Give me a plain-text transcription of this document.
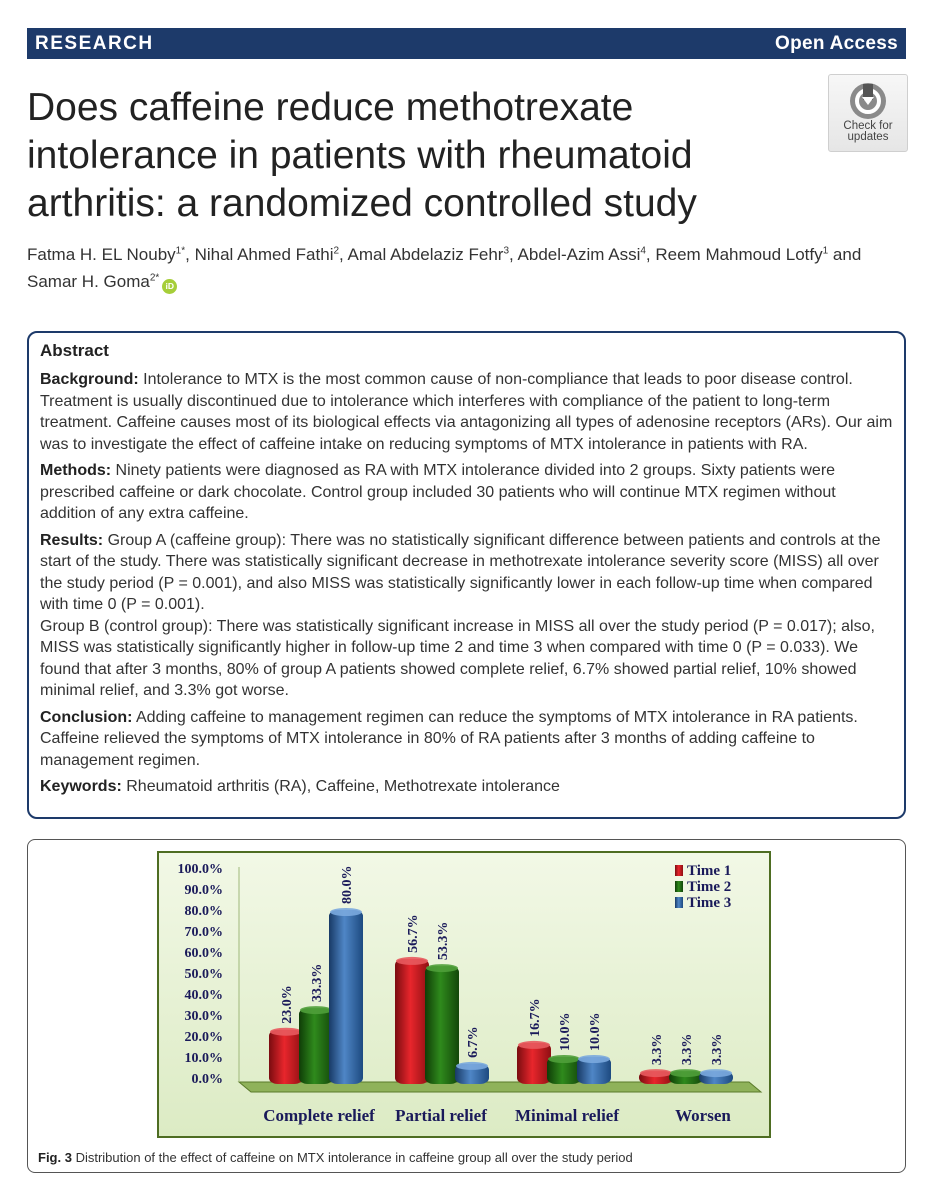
RESEARCH	Open Access
Does caffeine reduce methotrexate intolerance in patients with rheumatoid arthritis: a randomized controlled study
Check for
updates
Fatma H. EL Nouby$^{1*}$, Nihal Ahmed Fathi$^2$, Amal Abdelaziz Fehr$^3$, Abdel-Azim Assi$^4$, Reem Mahmoud Lotfy$^1$ and
Samar H. Goma$^{2*}$iD
Abstract

Background: Intolerance to MTX is the most common cause of non-compliance that leads to poor disease control. Treatment is usually discontinued due to intolerance which interferes with compliance of the patient to long-term treatment. Caffeine causes most of its biological effects via antagonizing all types of adenosine receptors (ARs). Our aim was to investigate the effect of caffeine intake on reducing symptoms of MTX intolerance in patients with RA.

Methods: Ninety patients were diagnosed as RA with MTX intolerance divided into 2 groups. Sixty patients were prescribed caffeine or dark chocolate. Control group included 30 patients who will continue MTX regimen without addition of any extra caffeine.

Results: Group A (caffeine group): There was no statistically significant difference between patients and controls at the start of the study. There was statistically significant decrease in methotrexate intolerance severity score (MISS) all over the study period (P = 0.001), and also MISS was statistically significantly lower in each follow-up time when compared with time 0 (P = 0.001).

Group B (control group): There was statistically significant increase in MISS all over the study period (P = 0.017); also, MISS was statistically significantly higher in follow-up time 2 and time 3 when compared with time 0 (P = 0.033). We found that after 3 months, 80% of group A patients showed complete relief, 6.7% showed partial relief, 10% showed minimal relief, and 3.3% got worse.

Conclusion: Adding caffeine to management regimen can reduce the symptoms of MTX intolerance in RA patients. Caffeine relieved the symptoms of MTX intolerance in 80% of RA patients after 3 months of adding caffeine to management regimen.

Keywords: Rheumatoid arthritis (RA), Caffeine, Methotrexate intolerance

0.0%
10.0%
20.0%
30.0%
40.0%
50.0%
60.0%
70.0%
80.0%
90.0%
100.0%
23.0%
33.3%
80.0%
56.7% 53.3%
6.7%
16.7% 10.0% 10.0%	3.3% 3.3% 3.3%
Complete relief Partial relief Minimal relief	Worsen
Time 1
Time 2
Time 3
Fig. 3 Distribution of the effect of caffeine on MTX intolerance in caffeine group all over the study period
